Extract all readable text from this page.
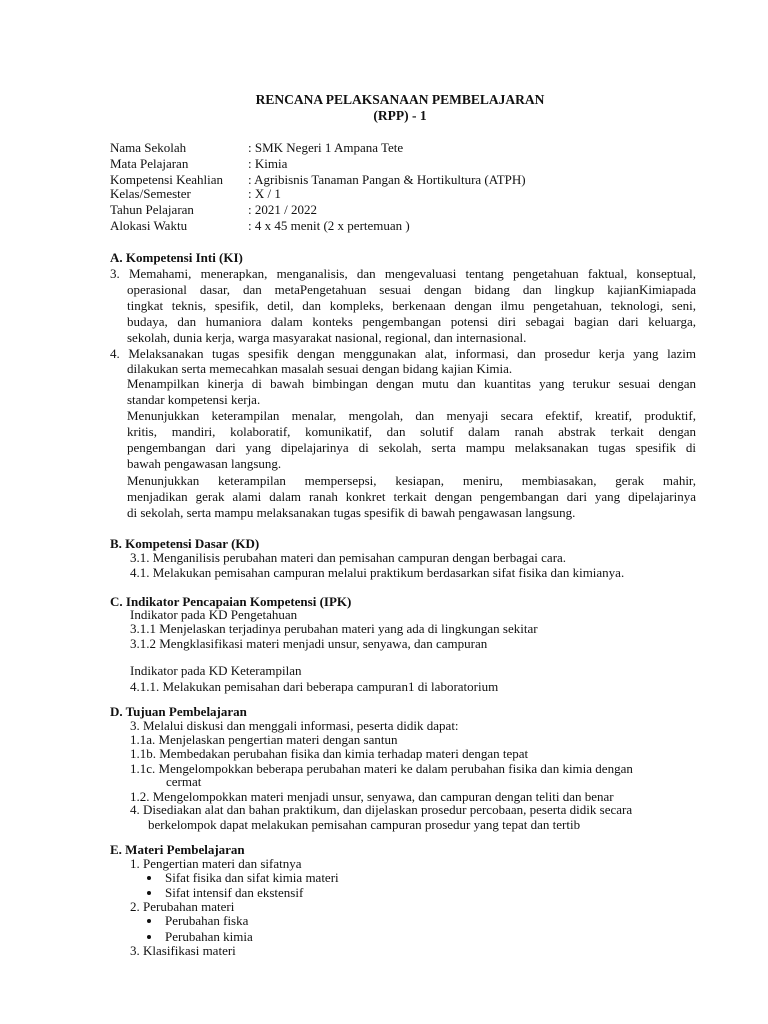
RENCANA PELAKSANAAN PEMBELAJARAN
(RPP) - 1
Nama Sekolah	: SMK Negeri 1 Ampana Tete
Mata Pelajaran	: Kimia
Kompetensi Keahlian : Agribisnis Tanaman Pangan & Hortikultura (ATPH)
Kelas/Semester	: X / 1
Tahun Pelajaran	: 2021 / 2022
Alokasi Waktu	: 4 x 45 menit (2 x pertemuan )
A. Kompetensi Inti (KI)
3. Memahami, menerapkan, menganalisis, dan mengevaluasi tentang pengetahuan faktual, konseptual,
operasional dasar, dan metaPengetahuan sesuai dengan bidang dan lingkup kajianKimiapada
tingkat teknis, spesifik, detil, dan kompleks, berkenaan dengan ilmu pengetahuan, teknologi, seni,
budaya, dan humaniora dalam konteks pengembangan potensi diri sebagai bagian dari keluarga,
sekolah, dunia kerja, warga masyarakat nasional, regional, dan internasional.
4. Melaksanakan tugas spesifik dengan menggunakan alat, informasi, dan prosedur kerja yang lazim
dilakukan serta memecahkan masalah sesuai dengan bidang kajian Kimia.
Menampilkan kinerja di bawah bimbingan dengan mutu dan kuantitas yang terukur sesuai dengan
standar kompetensi kerja.
Menunjukkan keterampilan menalar, mengolah, dan menyaji secara efektif, kreatif, produktif,
kritis, mandiri, kolaboratif, komunikatif, dan solutif dalam ranah abstrak terkait dengan
pengembangan dari yang dipelajarinya di sekolah, serta mampu melaksanakan tugas spesifik di
bawah pengawasan langsung.
Menunjukkan keterampilan mempersepsi, kesiapan, meniru, membiasakan, gerak mahir,
menjadikan gerak alami dalam ranah konkret terkait dengan pengembangan dari yang dipelajarinya
di sekolah, serta mampu melaksanakan tugas spesifik di bawah pengawasan langsung.
B. Kompetensi Dasar (KD)
3.1. Menganilisis perubahan materi dan pemisahan campuran dengan berbagai cara.
4.1. Melakukan pemisahan campuran melalui praktikum berdasarkan sifat fisika dan kimianya.
C. Indikator Pencapaian Kompetensi (IPK)
Indikator pada KD Pengetahuan
3.1.1 Menjelaskan terjadinya perubahan materi yang ada di lingkungan sekitar
3.1.2 Mengklasifikasi materi menjadi unsur, senyawa, dan campuran
Indikator pada KD Keterampilan
4.1.1. Melakukan pemisahan dari beberapa campuran1 di laboratorium
D. Tujuan Pembelajaran
3. Melalui diskusi dan menggali informasi, peserta didik dapat:
1.1a. Menjelaskan pengertian materi dengan santun
1.1b. Membedakan perubahan fisika dan kimia terhadap materi dengan tepat
1.1c. Mengelompokkan beberapa perubahan materi ke dalam perubahan fisika dan kimia dengan
cermat
1.2. Mengelompokkan materi menjadi unsur, senyawa, dan campuran dengan teliti dan benar
4. Disediakan alat dan bahan praktikum, dan dijelaskan prosedur percobaan, peserta didik secara
berkelompok dapat melakukan pemisahan campuran prosedur yang tepat dan tertib
E. Materi Pembelajaran
1. Pengertian materi dan sifatnya
Sifat fisika dan sifat kimia materi
Sifat intensif dan ekstensif
2. Perubahan materi
Perubahan fiska
Perubahan kimia
3. Klasifikasi materi
